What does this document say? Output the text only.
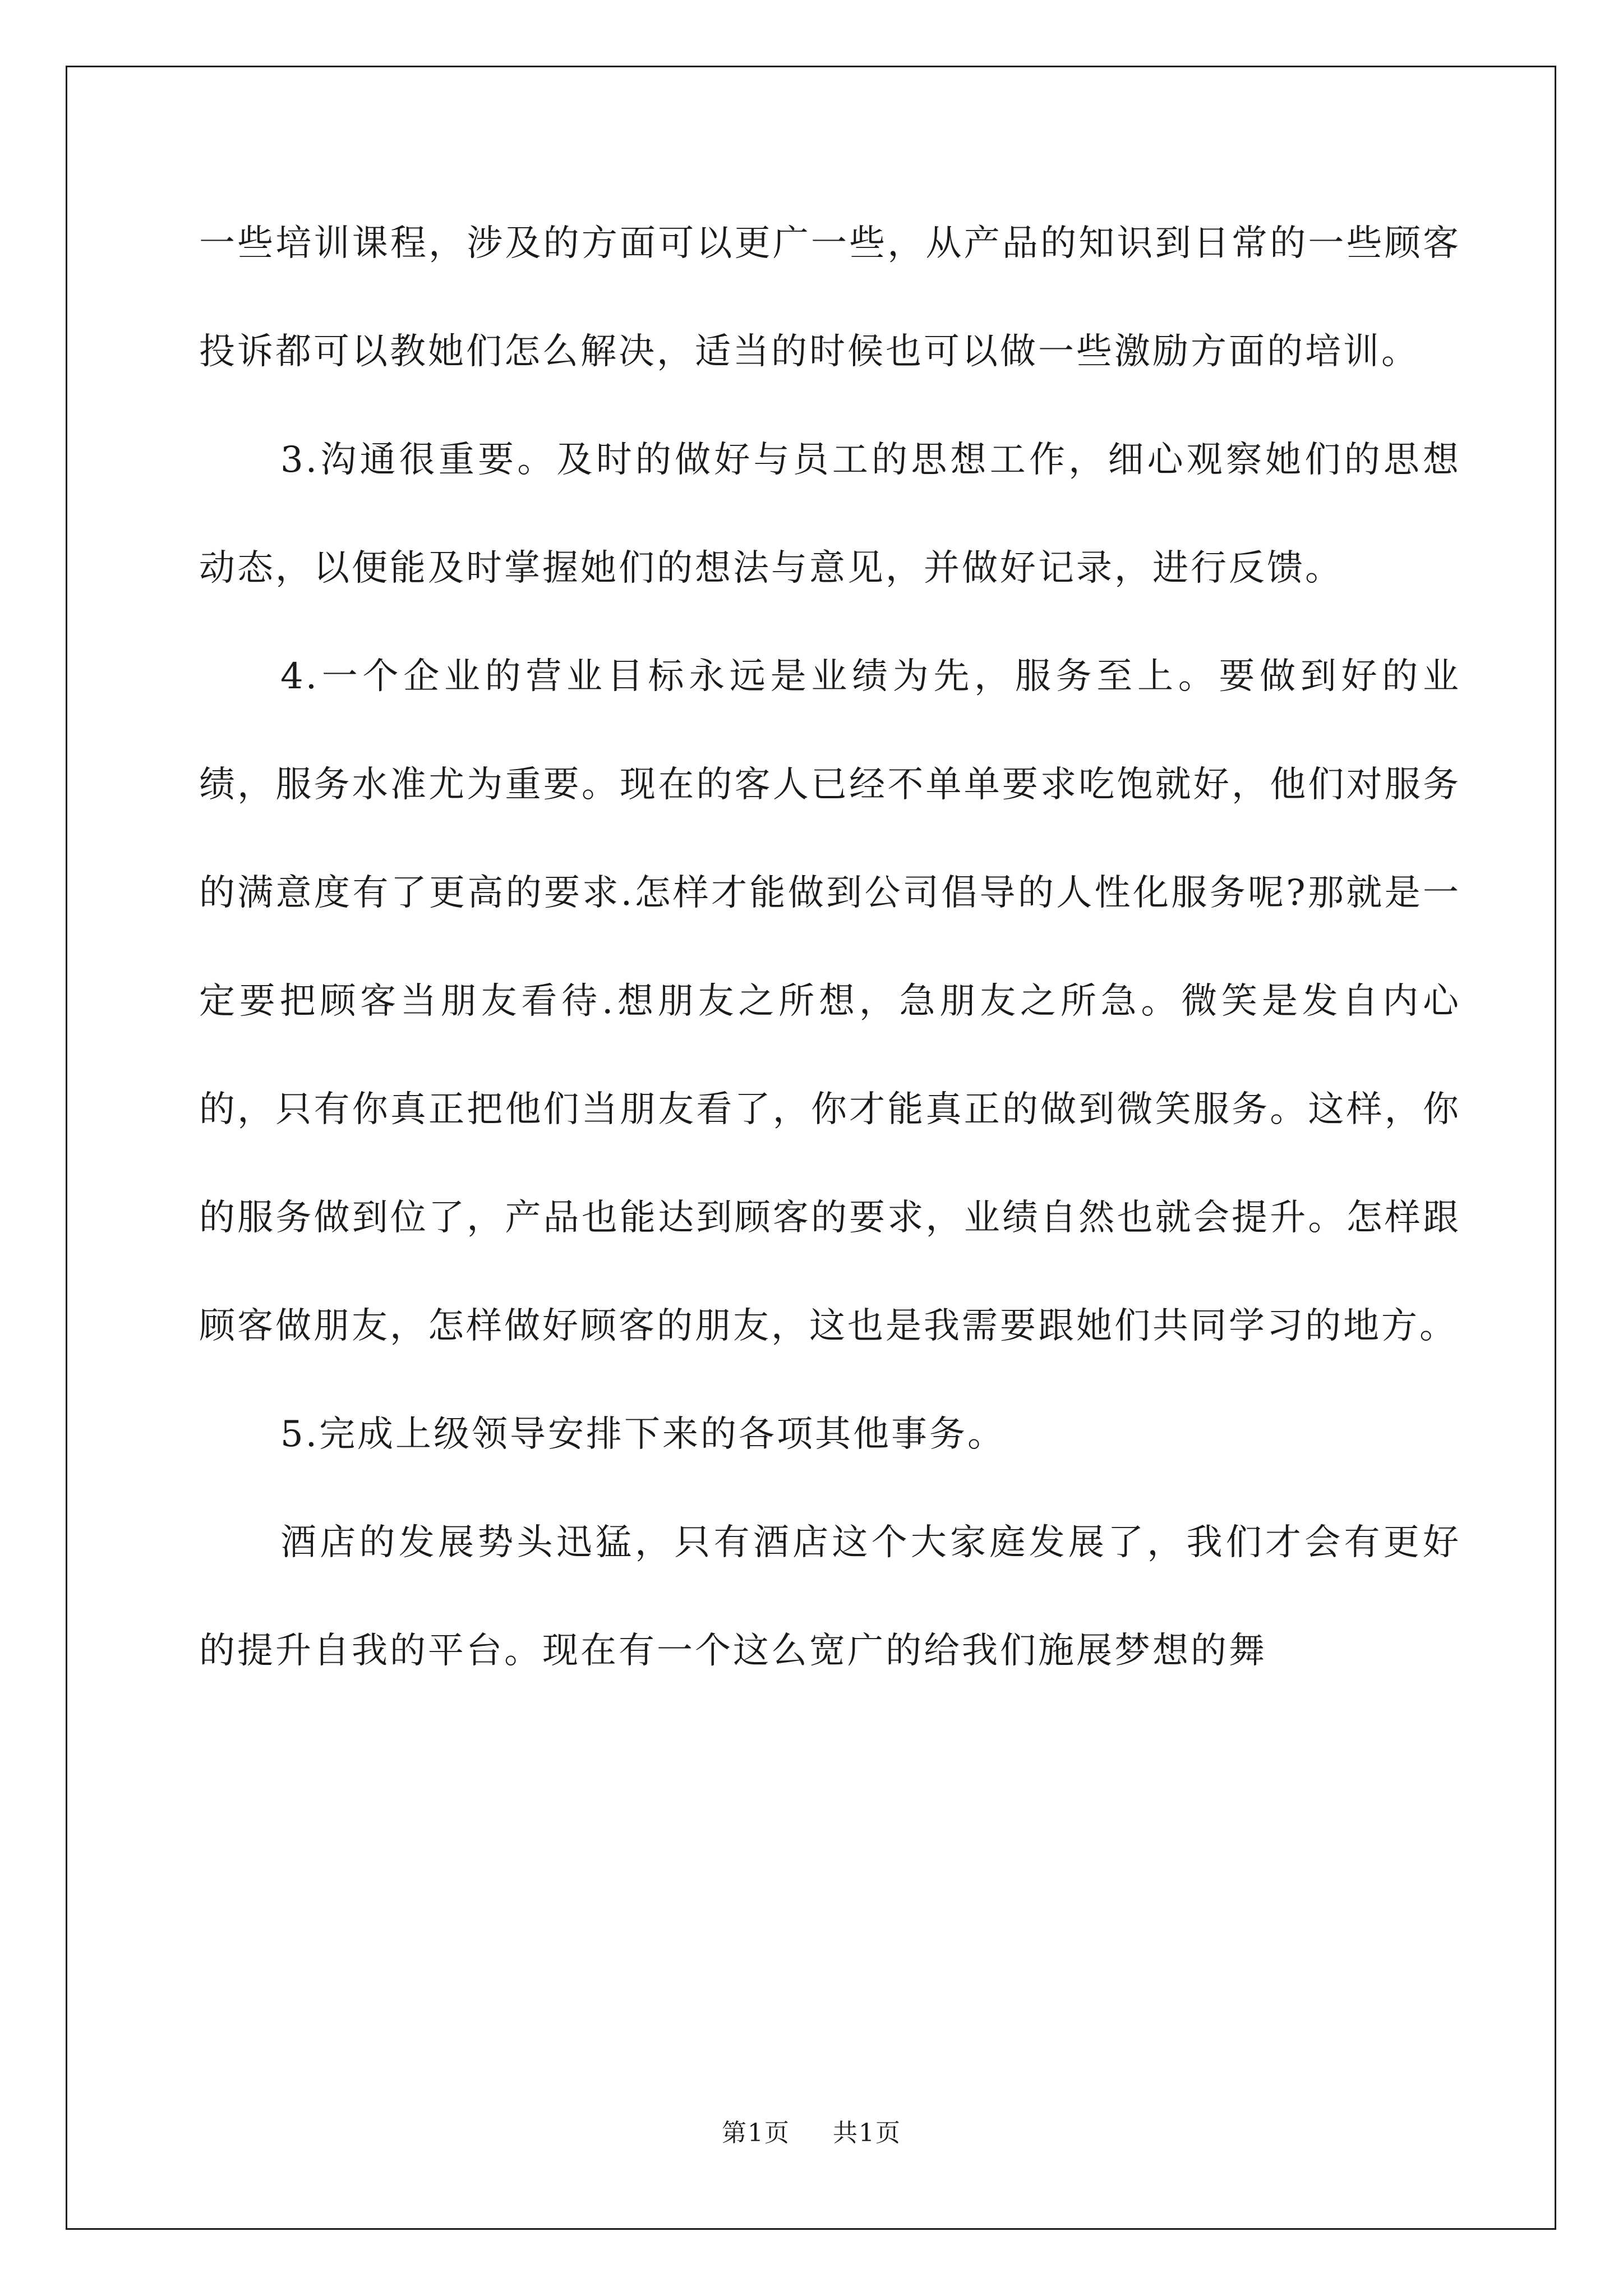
一些培训课程，涉及的方面可以更广一些，从产品的知识到日常的一些顾客投诉都可以教她们怎么解决，适当的时候也可以做一些激励方面的培训。

3.沟通很重要。及时的做好与员工的思想工作，细心观察她们的思想动态，以便能及时掌握她们的想法与意见，并做好记录，进行反馈。

4.一个企业的营业目标永远是业绩为先，服务至上。要做到好的业绩，服务水准尤为重要。现在的客人已经不单单要求吃饱就好，他们对服务的满意度有了更高的要求.怎样才能做到公司倡导的人性化服务呢?那就是一定要把顾客当朋友看待.想朋友之所想，急朋友之所急。微笑是发自内心的，只有你真正把他们当朋友看了，你才能真正的做到微笑服务。这样，你的服务做到位了，产品也能达到顾客的要求，业绩自然也就会提升。怎样跟顾客做朋友，怎样做好顾客的朋友，这也是我需要跟她们共同学习的地方。

5.完成上级领导安排下来的各项其他事务。

酒店的发展势头迅猛，只有酒店这个大家庭发展了，我们才会有更好的提升自我的平台。现在有一个这么宽广的给我们施展梦想的舞

第1页 共1页
